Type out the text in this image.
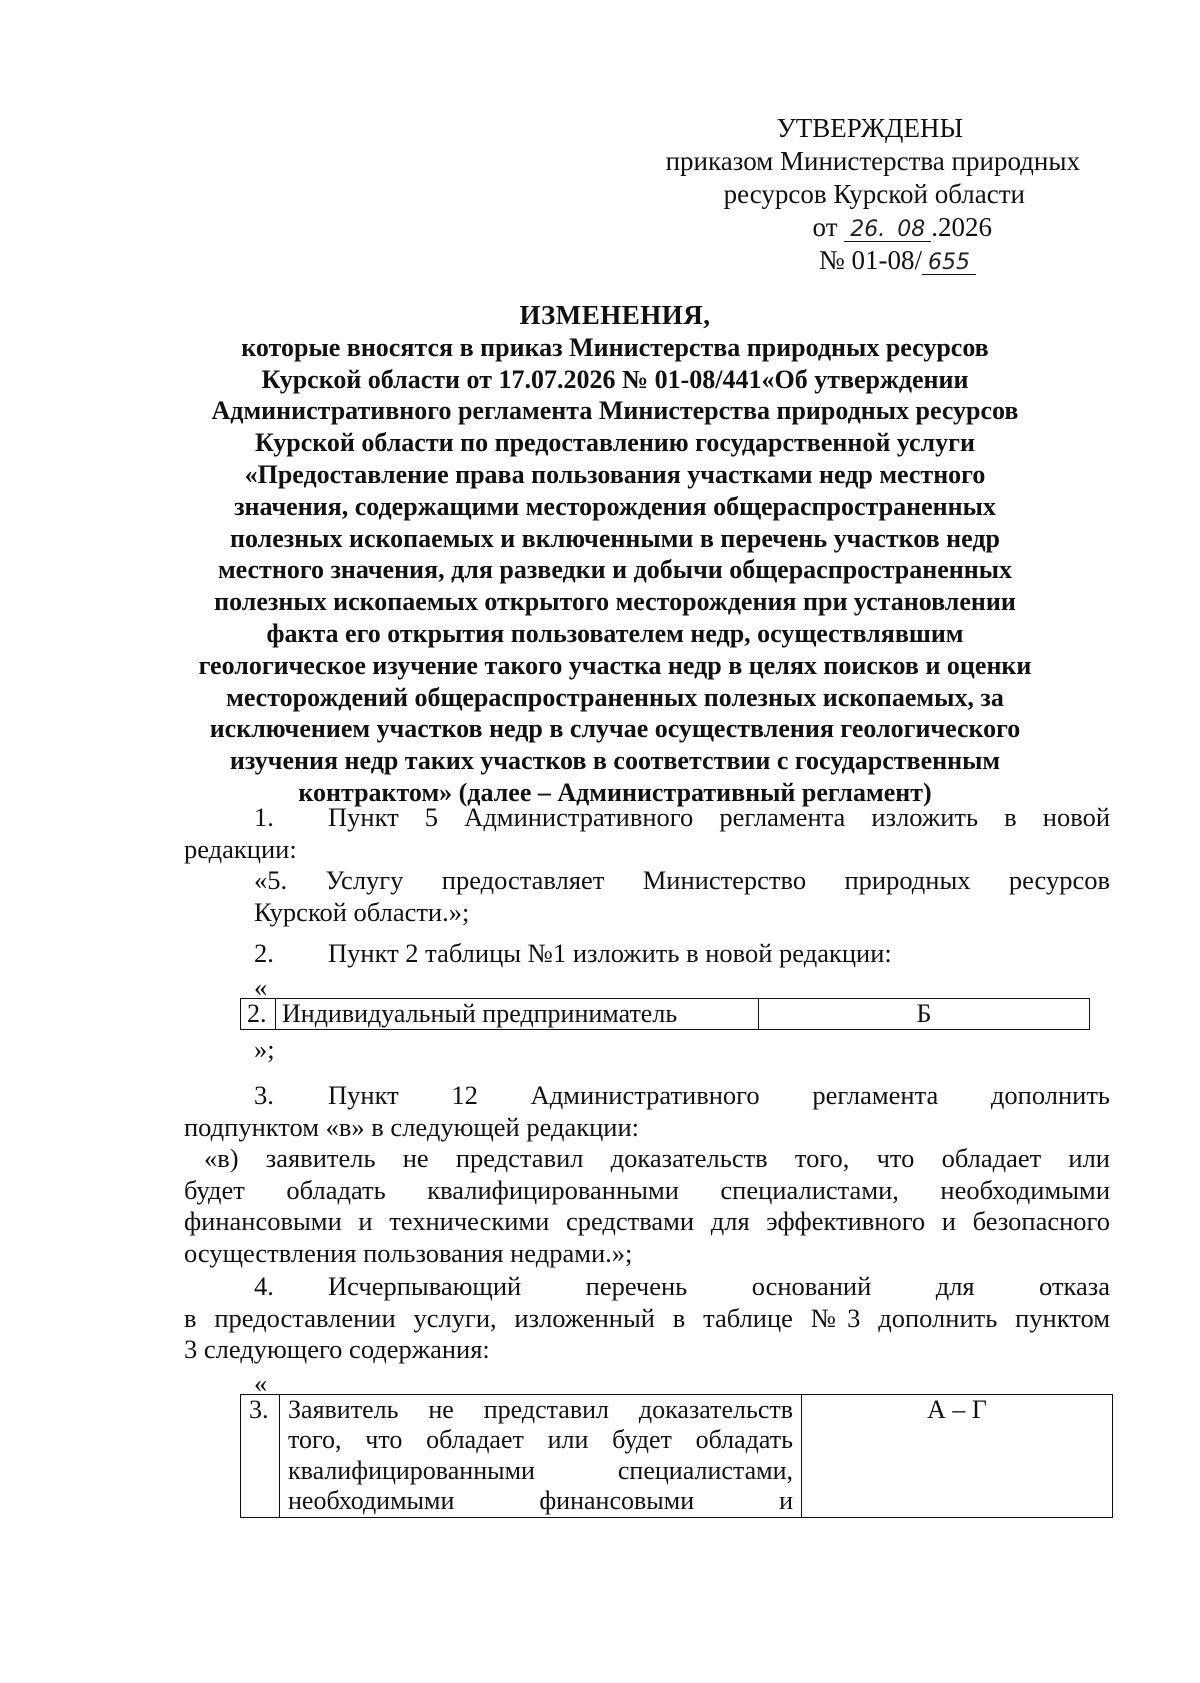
УТВЕРЖДЕНЫ
приказом Министерства природных
ресурсов Курской области
от 26. 08 .2026
№ 01-08/ 655
ИЗМЕНЕНИЯ,
которые вносятся в приказ Министерства природных ресурсов
Курской области от 17.07.2026 № 01-08/441«Об утверждении
Административного регламента Министерства природных ресурсов
Курской области по предоставлению государственной услуги
«Предоставление права пользования участками недр местного
значения, содержащими месторождения общераспространенных
полезных ископаемых и включенными в перечень участков недр
местного значения, для разведки и добычи общераспространенных
полезных ископаемых открытого месторождения при установлении
факта его открытия пользователем недр, осуществлявшим
геологическое изучение такого участка недр в целях поисков и оценки
месторождений общераспространенных полезных ископаемых, за
исключением участков недр в случае осуществления геологического
изучения недр таких участков в соответствии с государственным
контрактом» (далее – Административный регламент)
1. Пункт 5 Административного регламента изложить в новой
редакции:
«5. Услугу предоставляет Министерство природных ресурсов
Курской области.»;
2. Пункт 2 таблицы №1 изложить в новой редакции:
«
2.	Индивидуальный предприниматель	Б
»;
3. Пункт 12 Административного регламента дополнить
подпунктом «в» в следующей редакции:
«в) заявитель не представил доказательств того, что обладает или
будет обладать квалифицированными специалистами, необходимыми
финансовыми и техническими средствами для эффективного и безопасного
осуществления пользования недрами.»;
4. Исчерпывающий перечень оснований для отказа
в предоставлении услуги, изложенный в таблице №3 дополнить пунктом
3 следующего содержания:
«
3.	Заявитель не представил доказательств
того, что обладает или будет обладать
квалифицированными специалистами,
необходимыми финансовыми и
	А – Г
